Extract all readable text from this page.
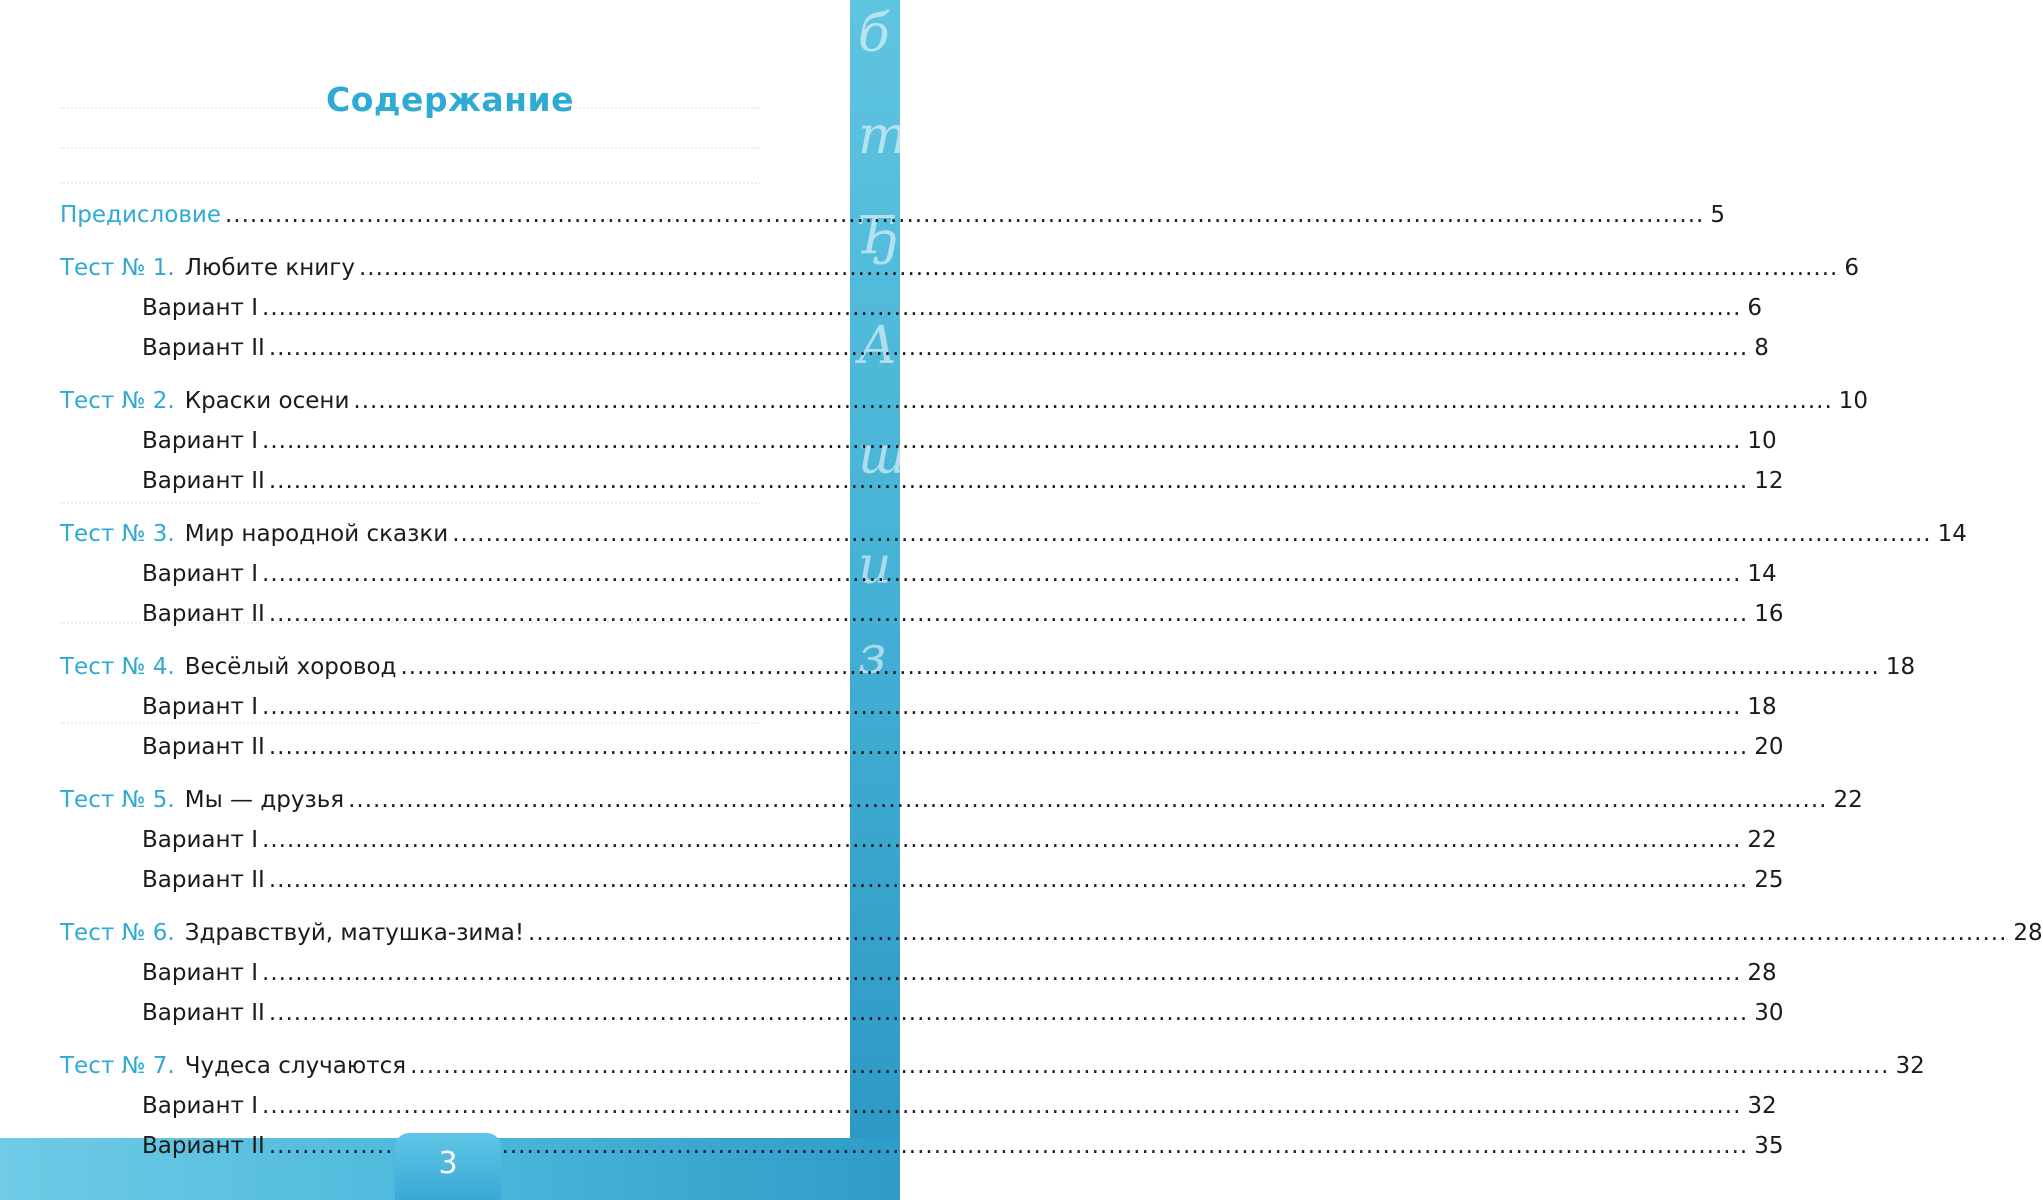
б
т
Ђ
А
ш
и
з
Содержание
Предисловие .....	5
Тест № 1. Любите книгу .....	6
Вариант I .....	6
Вариант II .....	8
Тест № 2. Краски осени .....	10
Вариант I .....	10
Вариант II .....	12
Тест № 3. Мир народной сказки .....	14
Вариант I .....	14
Вариант II .....	16
Тест № 4. Весёлый хоровод .....	18
Вариант I .....	18
Вариант II .....	20
Тест № 5. Мы — друзья .....	22
Вариант I .....	22
Вариант II .....	25
Тест № 6. Здравствуй, матушка-зима! .....	28
Вариант I .....	28
Вариант II .....	30
Тест № 7. Чудеса случаются .....	32
Вариант I .....	32
Вариант II .....	35
3
